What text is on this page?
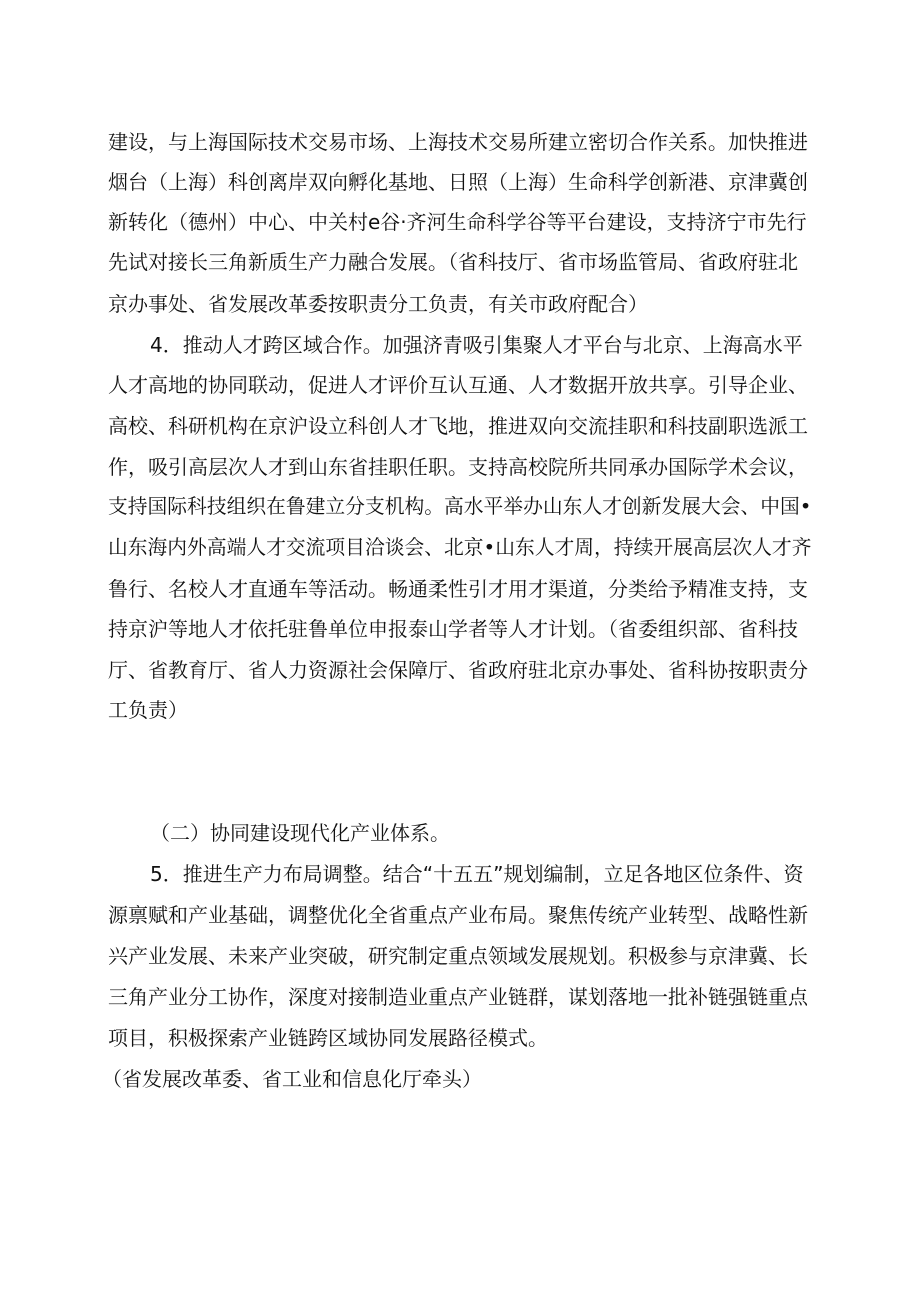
建设，与上海国际技术交易市场、上海技术交易所建立密切合作关系。加快推进
烟台（上海）科创离岸双向孵化基地、日照（上海）生命科学创新港、京津冀创
新转化（德州）中心、中关村e谷·齐河生命科学谷等平台建设，支持济宁市先行
先试对接长三角新质生产力融合发展。（省科技厅、省市场监管局、省政府驻北
京办事处、省发展改革委按职责分工负责，有关市政府配合）
4．推动人才跨区域合作。加强济青吸引集聚人才平台与北京、上海高水平
人才高地的协同联动，促进人才评价互认互通、人才数据开放共享。引导企业、
高校、科研机构在京沪设立科创人才飞地，推进双向交流挂职和科技副职选派工
作，吸引高层次人才到山东省挂职任职。支持高校院所共同承办国际学术会议，
支持国际科技组织在鲁建立分支机构。高水平举办山东人才创新发展大会、中国•
山东海内外高端人才交流项目洽谈会、北京•山东人才周，持续开展高层次人才齐
鲁行、名校人才直通车等活动。畅通柔性引才用才渠道，分类给予精准支持，支
持京沪等地人才依托驻鲁单位申报泰山学者等人才计划。（省委组织部、省科技
厅、省教育厅、省人力资源社会保障厅、省政府驻北京办事处、省科协按职责分
工负责）
（二）协同建设现代化产业体系。
5．推进生产力布局调整。结合“十五五”规划编制，立足各地区位条件、资
源禀赋和产业基础，调整优化全省重点产业布局。聚焦传统产业转型、战略性新
兴产业发展、未来产业突破，研究制定重点领域发展规划。积极参与京津冀、长
三角产业分工协作，深度对接制造业重点产业链群，谋划落地一批补链强链重点
项目，积极探索产业链跨区域协同发展路径模式。
（省发展改革委、省工业和信息化厅牵头）
